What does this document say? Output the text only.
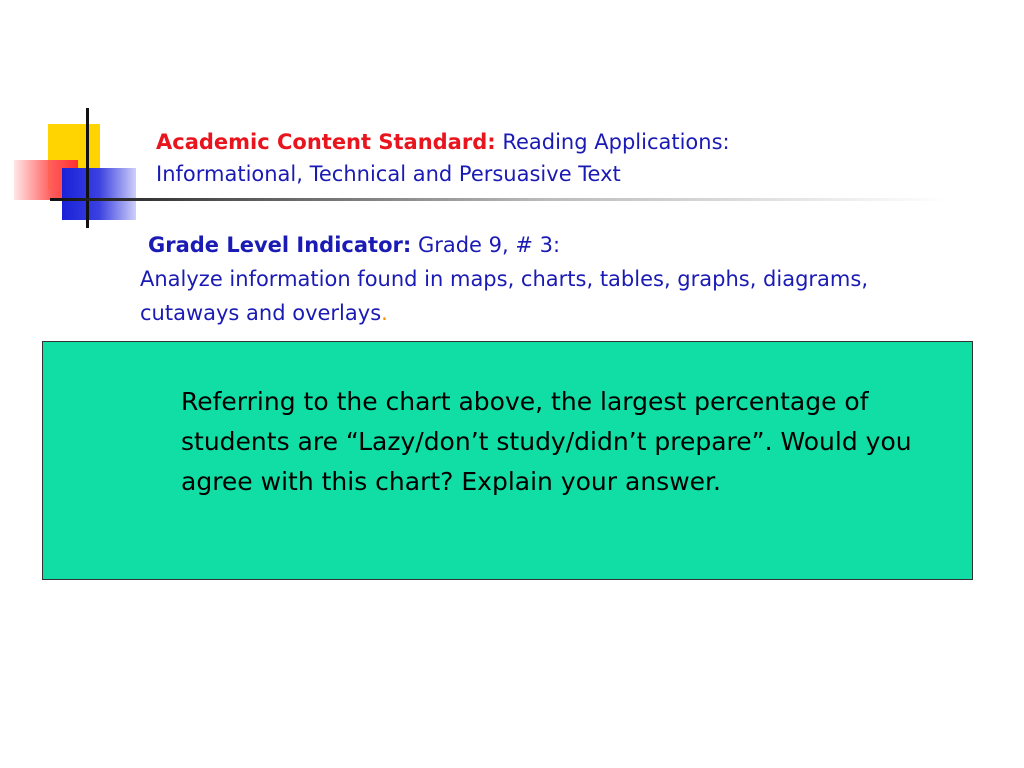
Academic Content Standard: Reading Applications:
Informational, Technical and Persuasive Text
Grade Level Indicator: Grade 9, # 3:
Analyze information found in maps, charts, tables, graphs, diagrams, cutaways and overlays.
Referring to the chart above, the largest percentage of students are “Lazy/don’t study/didn’t prepare”. Would you agree with this chart? Explain your answer.
